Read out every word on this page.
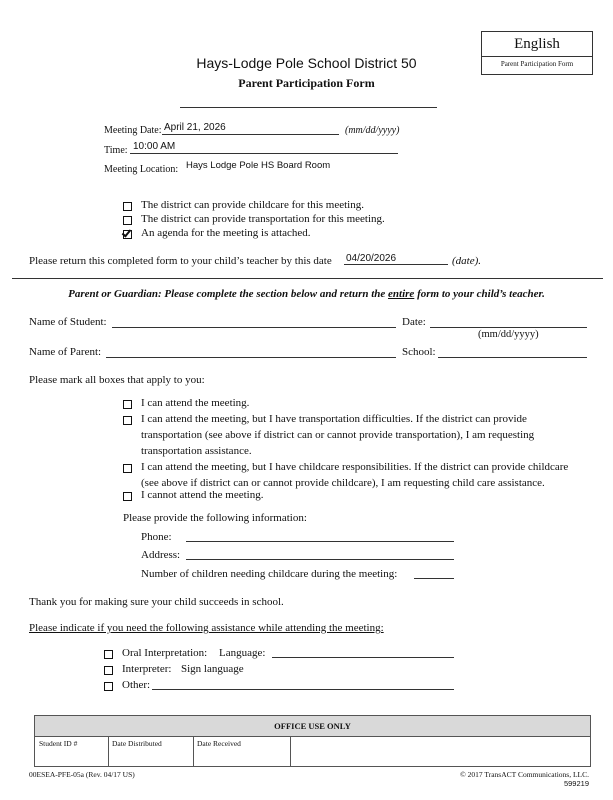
English
Parent Participation Form
Hays-Lodge Pole School District 50
Parent Participation Form
Meeting Date: April 21, 2026	(mm/dd/yyyy)
Time: 10:00 AM
Meeting Location: Hays Lodge Pole HS Board Room
The district can provide childcare for this meeting.
The district can provide transportation for this meeting.
An agenda for the meeting is attached.
Please return this completed form to your child’s teacher by this date 04/20/2026	(date).
Parent or Guardian: Please complete the section below and return the entire form to your child’s teacher.
Name of Student:	Date:
(mm/dd/yyyy)
Name of Parent:	School:
Please mark all boxes that apply to you:
I can attend the meeting.
I can attend the meeting, but I have transportation difficulties. If the district can provide
transportation (see above if district can or cannot provide transportation), I am requesting
transportation assistance.
I can attend the meeting, but I have childcare responsibilities. If the district can provide childcare
(see above if district can or cannot provide childcare), I am requesting child care assistance.
I cannot attend the meeting.
Please provide the following information:
Phone:
Address:
Number of children needing childcare during the meeting:
Thank you for making sure your child succeeds in school.
Please indicate if you need the following assistance while attending the meeting:
Oral Interpretation: Language:
Interpreter: Sign language
Other:
OFFICE USE ONLY
Student ID #	Date Distributed	Date Received
00ESEA-PFE-05a (Rev. 04/17 US)	© 2017 TransACT Communications, LLC.
599219
